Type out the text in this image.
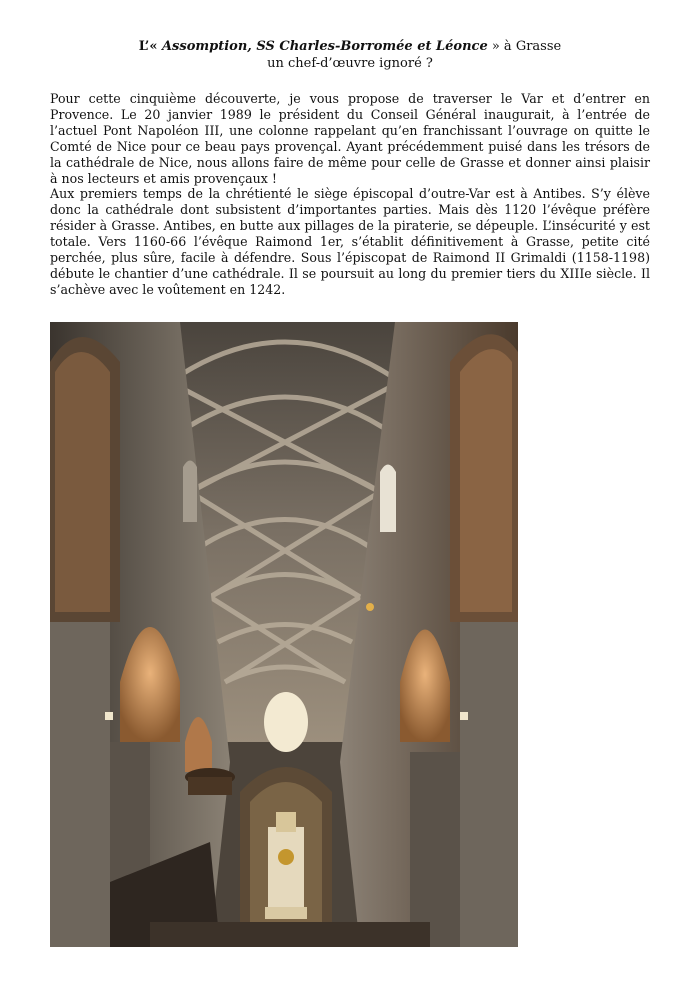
L’« Assomption, SS Charles-Borromée et Léonce » à Grasse
un chef-d’œuvre ignoré ?

Pour cette cinquième découverte, je vous propose de traverser le Var et d’entrer en Provence. Le 20 janvier 1989 le président du Conseil Général inaugurait, à l’entrée de l’actuel Pont Napoléon III, une colonne rappelant qu’en franchissant l’ouvrage on quitte le Comté de Nice pour ce beau pays provençal. Ayant précédemment puisé dans les trésors de la cathédrale de Nice, nous allons faire de même pour celle de Grasse et donner ainsi plaisir à nos lecteurs et amis provençaux !

Aux premiers temps de la chrétienté le siège épiscopal d’outre-Var est à Antibes. S’y élève donc la cathédrale dont subsistent d’importantes parties. Mais dès 1120 l’évêque préfère résider à Grasse. Antibes, en butte aux pillages de la piraterie, se dépeuple. L’insécurité y est totale. Vers 1160-66 l’évêque Raimond 1er, s’établit définitivement à Grasse, petite cité perchée, plus sûre, facile à défendre. Sous l’épiscopat de Raimond II Grimaldi (1158-1198) débute le chantier d’une cathédrale. Il se poursuit au long du premier tiers du XIIIe siècle. Il s’achève avec le voûtement en 1242.
